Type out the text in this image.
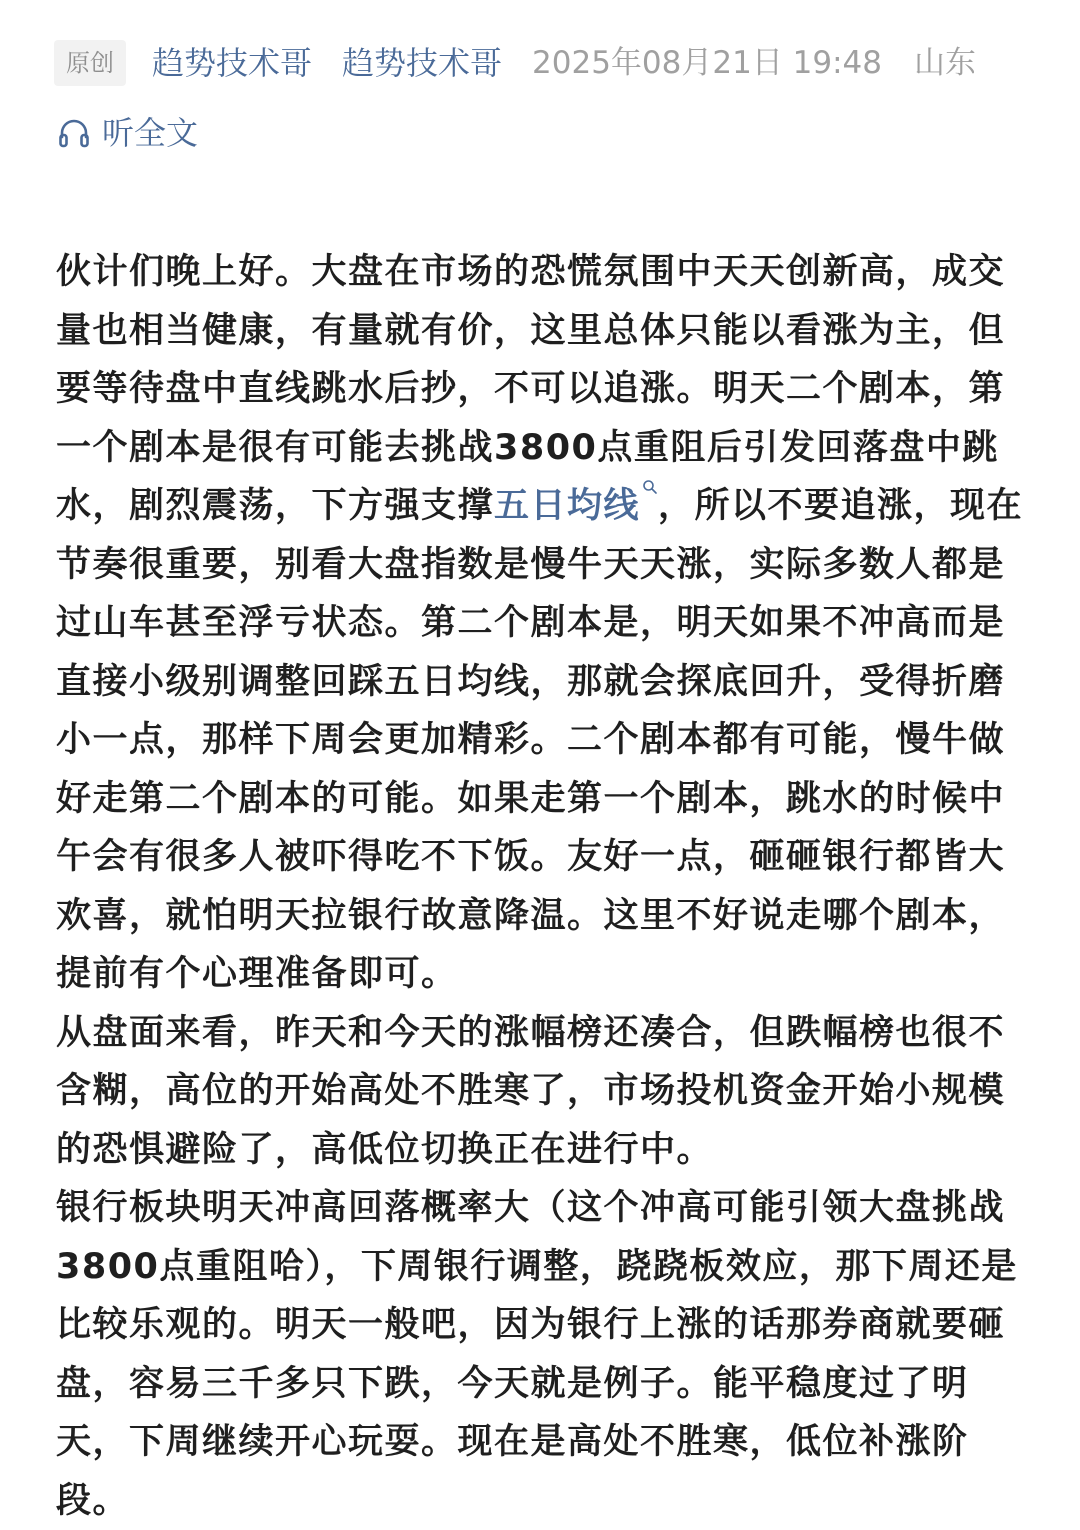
原创	趋势技术哥 趋势技术哥 2025年08月21日 19:48 山东
听全文

伙计们晚上好。大盘在市场的恐慌氛围中天天创新高，成交量也相当健康，有量就有价，这里总体只能以看涨为主，但要等待盘中直线跳水后抄，不可以追涨。明天二个剧本，第一个剧本是很有可能去挑战3800点重阻后引发回落盘中跳水，剧烈震荡，下方强支撑五日均线 ，所以不要追涨，现在节奏很重要，别看大盘指数是慢牛天天涨，实际多数人都是过山车甚至浮亏状态。第二个剧本是，明天如果不冲高而是直接小级别调整回踩五日均线，那就会探底回升，受得折磨小一点，那样下周会更加精彩。二个剧本都有可能，慢牛做好走第二个剧本的可能。如果走第一个剧本，跳水的时候中午会有很多人被吓得吃不下饭。友好一点，砸砸银行都皆大欢喜，就怕明天拉银行故意降温。这里不好说走哪个剧本，提前有个心理准备即可。

从盘面来看，昨天和今天的涨幅榜还凑合，但跌幅榜也很不含糊，高位的开始高处不胜寒了，市场投机资金开始小规模的恐惧避险了，高低位切换正在进行中。

银行板块明天冲高回落概率大（这个冲高可能引领大盘挑战3800点重阻哈），下周银行调整，跷跷板效应，那下周还是比较乐观的。明天一般吧，因为银行上涨的话那券商就要砸盘，容易三千多只下跌，今天就是例子。能平稳度过了明天，下周继续开心玩耍。现在是高处不胜寒，低位补涨阶段。
